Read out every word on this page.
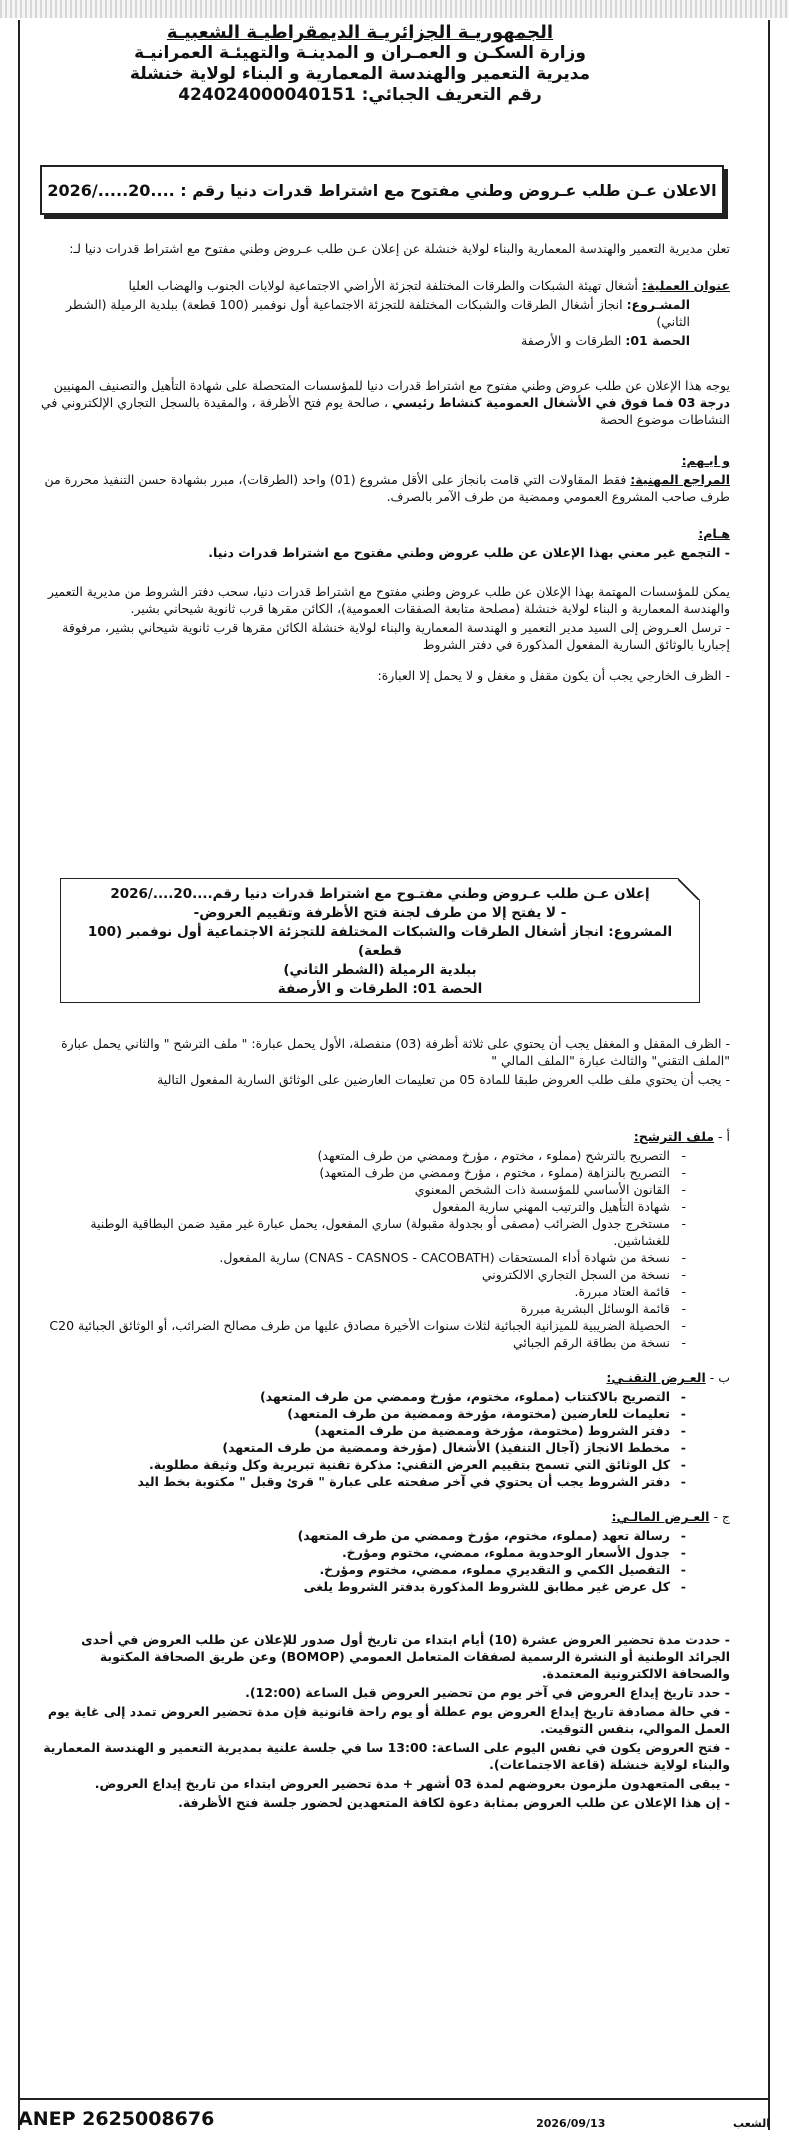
الجمهوريـة الجزائريـة الديمقراطيـة الشعبيـة
وزارة السكـن و العمـران و المدينـة والتهيئـة العمرانيـة
مديرية التعمير والهندسة المعمارية و البناء لولاية خنشلة
رقم التعريف الجبائي: 424024000040151
الاعلان عـن طلب عـروض وطني مفتوح مع اشتراط قدرات دنيا رقم : ....20...../2026

تعلن مديرية التعمير والهندسة المعمارية والبناء لولاية خنشلة عن إعلان عـن طلب عـروض وطني مفتوح مع اشتراط قدرات دنيا لـ:

عنوان العملية: أشغال تهيئة الشبكات والطرقات المختلفة لتجزئة الأراضي الاجتماعية لولايات الجنوب والهضاب العليا

المشـروع: انجاز أشغال الطرقات والشبكات المختلفة للتجزئة الاجتماعية أول نوفمبر (100 قطعة) ببلدية الرميلة (الشطر الثاني)

الحصة 01: الطرقات و الأرصفة

يوجه هذا الإعلان عن طلب عروض وطني مفتوح مع اشتراط قدرات دنيا للمؤسسات المتحصلة على شهادة التأهيل والتصنيف المهنيين درجة 03 فما فوق في الأشغال العمومية كنشاط رئيسي ، صالحة يوم فتح الأظرفة ، والمقيدة بالسجل التجاري الإلكتروني في النشاطات موضوع الحصة

و ايـهم:

المراجع المهنية: فقط المقاولات التي قامت بانجاز على الأقل مشروع (01) واحد (الطرقات)، مبرر بشهادة حسن التنفيذ محررة من طرف صاحب المشروع العمومي وممضية من طرف الآمر بالصرف.

هـام:

- التجمع غير معني بهذا الإعلان عن طلب عروض وطني مفتوح مع اشتراط قدرات دنيا.

يمكن للمؤسسات المهتمة بهذا الإعلان عن طلب عروض وطني مفتوح مع اشتراط قدرات دنيا، سحب دفتر الشروط من مديرية التعمير والهندسة المعمارية و البناء لولاية خنشلة (مصلحة متابعة الصفقات العمومية)، الكائن مقرها قرب ثانوية شيحاني بشير.

- ترسل العـروض إلى السيد مدير التعمير و الهندسة المعمارية والبناء لولاية خنشلة الكائن مقرها قرب ثانوية شيحاني بشير، مرفوقة إجباريا بالوثائق السارية المفعول المذكورة في دفتر الشروط

- الظرف الخارجي يجب أن يكون مقفل و مغفل و لا يحمل إلا العبارة:

إعلان عـن طلب عـروض وطني مفتـوح مع اشتراط قدرات دنيا رقم....20..../2026
- لا يفتح إلا من طرف لجنة فتح الأظرفة وتقييم العروض-
المشروع: انجاز أشغال الطرقات والشبكات المختلفة للتجزئة الاجتماعية أول نوفمبر (100 قطعة)
ببلدية الرميلة (الشطر الثاني)
الحصة 01: الطرقات و الأرصفة

- الظرف المقفل و المغفل يجب أن يحتوي على ثلاثة أظرفة (03) منفصلة، الأول يحمل عبارة: " ملف الترشح " والثاني يحمل عبارة "الملف التقني" والثالث عبارة "الملف المالي "

- يجب أن يحتوي ملف طلب العروض طبقا للمادة 05 من تعليمات العارضين على الوثائق السارية المفعول التالية

أ - ملف الترشح:

- التصريح بالترشح (مملوء ، مختوم ، مؤرخ وممضي من طرف المتعهد)
- التصريح بالنزاهة (مملوء ، مختوم ، مؤرخ وممضي من طرف المتعهد)
- القانون الأساسي للمؤسسة ذات الشخص المعنوي
- شهادة التأهيل والترتيب المهني سارية المفعول
- مستخرج جدول الضرائب (مصفى أو بجدولة مقبولة) ساري المفعول، يحمل عبارة غير مقيد ضمن البطاقية الوطنية للغشاشين.
- نسخة من شهادة أداء المستحقات (CNAS - CASNOS - CACOBATH) سارية المفعول.
- نسخة من السجل التجاري الالكتروني
- قائمة العتاد مبررة.
- قائمة الوسائل البشرية مبررة
- الحصيلة الضريبية للميزانية الجبائية لثلاث سنوات الأخيرة مصادق عليها من طرف مصالح الضرائب، أو الوثائق الجبائية C20
- نسخة من بطاقة الرقم الجبائي

ب - العـرض التقنـي:

- التصريح بالاكتتاب (مملوء، مختوم، مؤرخ وممضي من طرف المتعهد)
- تعليمات للعارضين (مختومة، مؤرخة وممضية من طرف المتعهد)
- دفتر الشروط (مختومة، مؤرخة وممضية من طرف المتعهد)
- مخطط الانجاز (آجال التنفيذ) الأشغال (مؤرخة وممضية من طرف المتعهد)
- كل الوثائق التي تسمح بتقييم العرض التقني: مذكرة تقنية تبريرية وكل وثيقة مطلوبة.
- دفتر الشروط يجب أن يحتوي في آخر صفحته على عبارة " قرئ وقبل " مكتوبة بخط اليد

ج - العـرض المالـي:

- رسالة تعهد (مملوء، مختوم، مؤرخ وممضي من طرف المتعهد)
- جدول الأسعار الوحدوية مملوء، ممضي، مختوم ومؤرخ.
- التفصيل الكمي و التقديري مملوء، ممضي، مختوم ومؤرخ.
- كل عرض غير مطابق للشروط المذكورة بدفتر الشروط يلغى

- حددت مدة تحضير العروض عشرة (10) أيام ابتداء من تاريخ أول صدور للإعلان عن طلب العروض في أحدى الجرائد الوطنية أو النشرة الرسمية لصفقات المتعامل العمومي (BOMOP) وعن طريق الصحافة المكتوبة والصحافة الالكترونية المعتمدة.

- حدد تاريخ إيداع العروض في آخر يوم من تحضير العروض قبل الساعة (12:00).

- في حالة مصادفة تاريخ إيداع العروض يوم عطلة أو يوم راحة قانونية فإن مدة تحضير العروض تمدد إلى غاية يوم العمل الموالي، بنفس التوقيت.

- فتح العروض يكون في نفس اليوم على الساعة: 13:00 سا في جلسة علنية بمديرية التعمير و الهندسة المعمارية والبناء لولاية خنشلة (قاعة الاجتماعات).

- يبقى المتعهدون ملزمون بعروضهم لمدة 03 أشهر + مدة تحضير العروض ابتداء من تاريخ إيداع العروض.

- إن هذا الإعلان عن طلب العروض بمثابة دعوة لكافة المتعهدين لحضور جلسة فتح الأظرفة.

ANEP 2625008676	الشعب  2026/09/13
